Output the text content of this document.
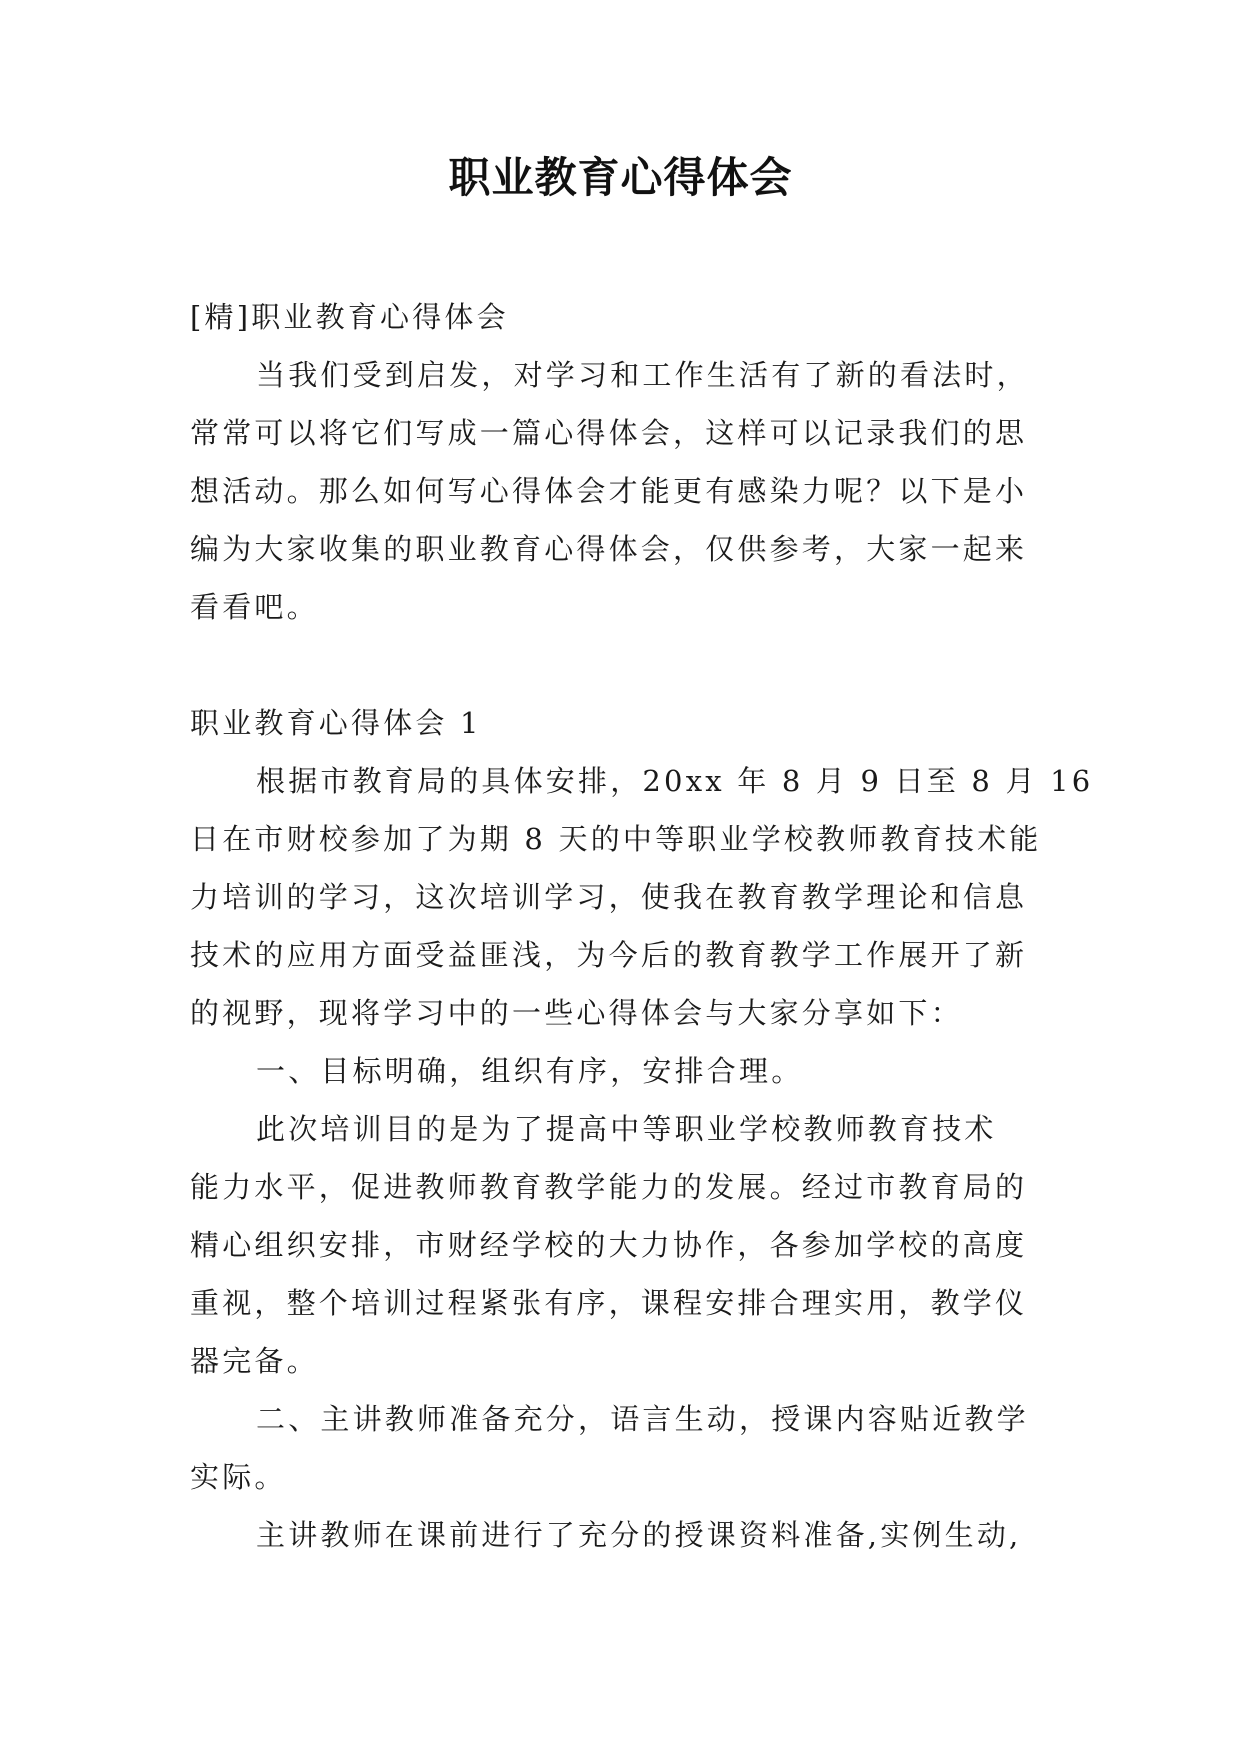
职业教育心得体会
[精]职业教育心得体会
当我们受到启发，对学习和工作生活有了新的看法时，
常常可以将它们写成一篇心得体会，这样可以记录我们的思
想活动。那么如何写心得体会才能更有感染力呢？以下是小
编为大家收集的职业教育心得体会，仅供参考，大家一起来
看看吧。
职业教育心得体会 1
根据市教育局的具体安排，20xx 年 8 月 9 日至 8 月 16
日在市财校参加了为期 8 天的中等职业学校教师教育技术能
力培训的学习，这次培训学习，使我在教育教学理论和信息
技术的应用方面受益匪浅，为今后的教育教学工作展开了新
的视野，现将学习中的一些心得体会与大家分享如下：
一、目标明确，组织有序，安排合理。
此次培训目的是为了提高中等职业学校教师教育技术
能力水平，促进教师教育教学能力的发展。经过市教育局的
精心组织安排，市财经学校的大力协作，各参加学校的高度
重视，整个培训过程紧张有序，课程安排合理实用，教学仪
器完备。
二、主讲教师准备充分，语言生动，授课内容贴近教学
实际。
主讲教师在课前进行了充分的授课资料准备,实例生动,
